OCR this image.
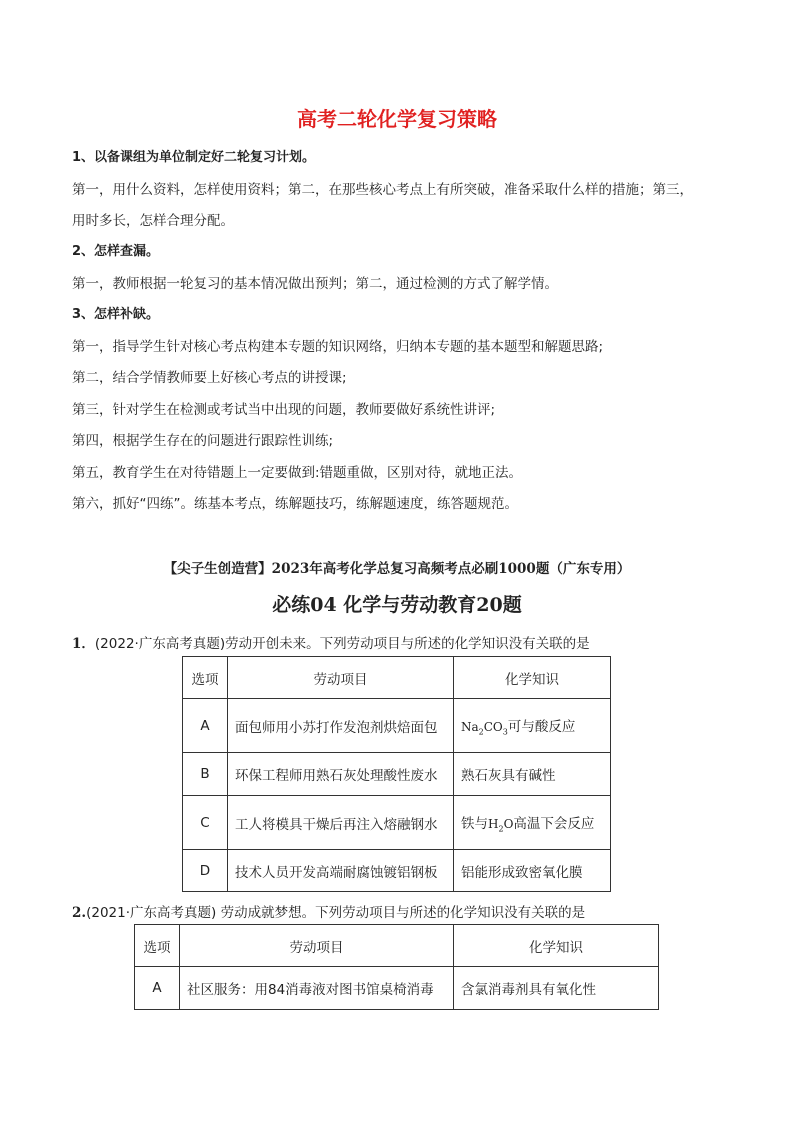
高考二轮化学复习策略
1、以备课组为单位制定好二轮复习计划。
第一，用什么资料，怎样使用资料；第二，在那些核心考点上有所突破，准备采取什么样的措施；第三，
用时多长，怎样合理分配。
2、怎样查漏。
第一，教师根据一轮复习的基本情况做出预判；第二，通过检测的方式了解学情。
3、怎样补缺。
第一，指导学生针对核心考点构建本专题的知识网络，归纳本专题的基本题型和解题思路;
第二，结合学情教师要上好核心考点的讲授课;
第三，针对学生在检测或考试当中出现的问题，教师要做好系统性讲评;
第四，根据学生存在的问题进行跟踪性训练;
第五，教育学生在对待错题上一定要做到:错题重做，区别对待，就地正法。
第六，抓好“四练”。练基本考点，练解题技巧，练解题速度，练答题规范。
【尖子生创造营】2023年高考化学总复习高频考点必刷1000题（广东专用）
必练04 化学与劳动教育20题
1．(2022·广东高考真题)劳动开创未来。下列劳动项目与所述的化学知识没有关联的是
选项	劳动项目	化学知识
A	面包师用小苏打作发泡剂烘焙面包	$Na_2CO_3$可与酸反应
B	环保工程师用熟石灰处理酸性废水	熟石灰具有碱性
C	工人将模具干燥后再注入熔融钢水	铁与$H_2O$高温下会反应
D	技术人员开发高端耐腐蚀镀铝钢板	铝能形成致密氧化膜
2.(2021·广东高考真题) 劳动成就梦想。下列劳动项目与所述的化学知识没有关联的是
选项	劳动项目	化学知识
A	社区服务：用84消毒液对图书馆桌椅消毒	含氯消毒剂具有氧化性
